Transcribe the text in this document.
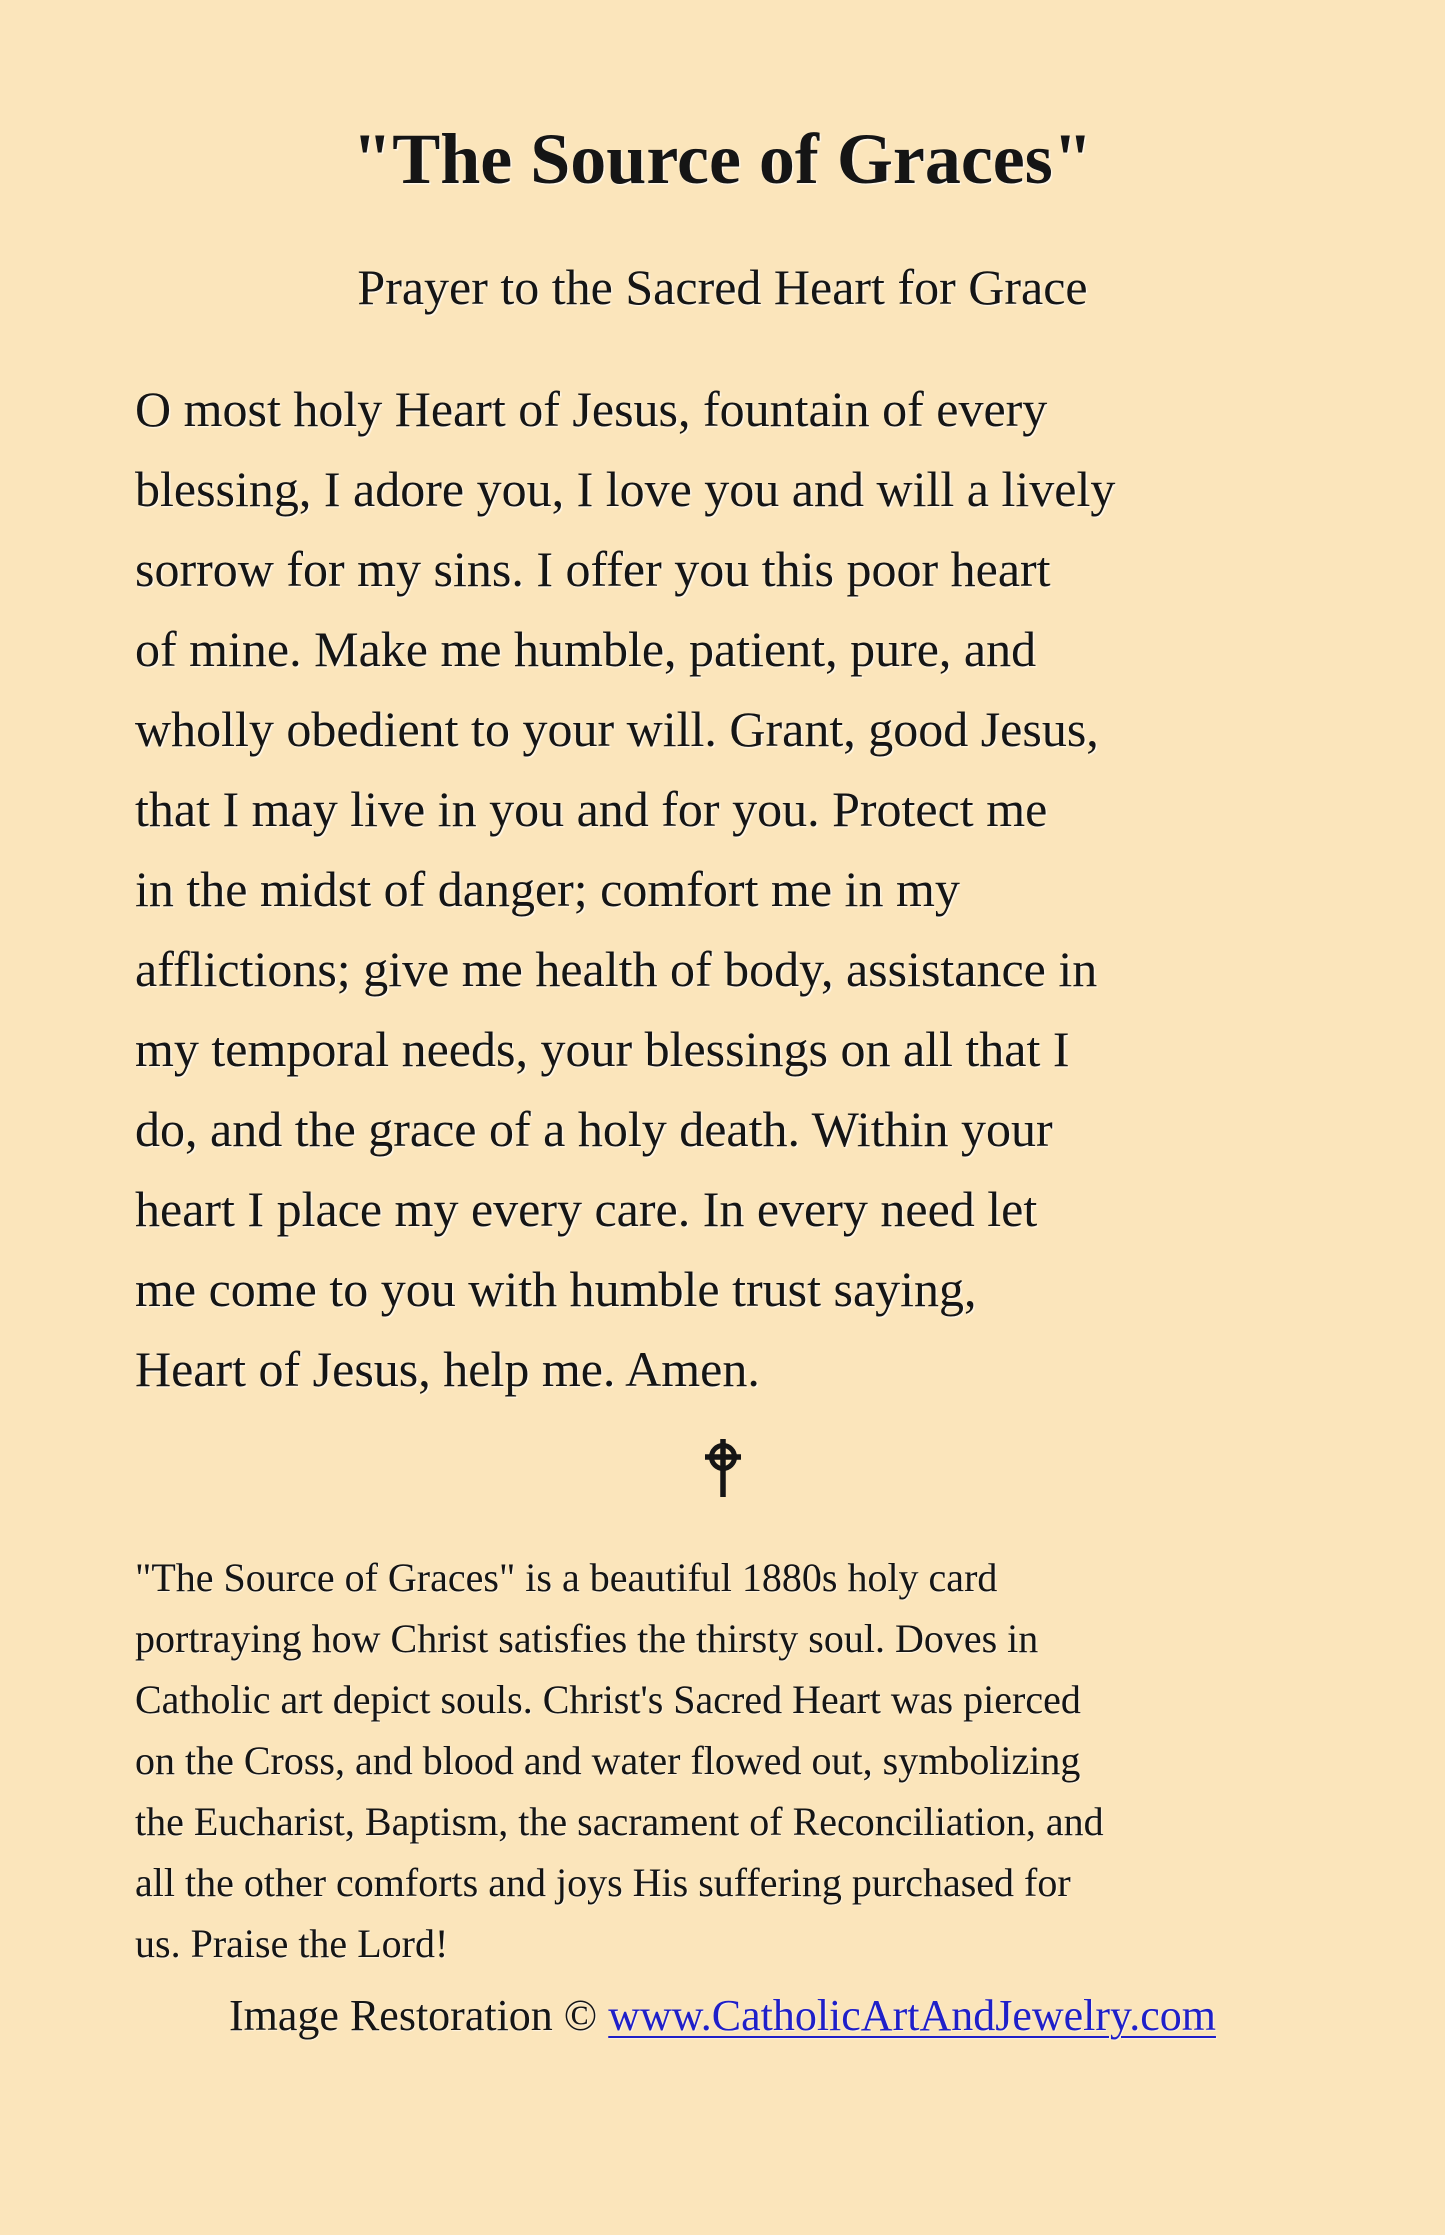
"The Source of Graces"
Prayer to the Sacred Heart for Grace
O most holy Heart of Jesus, fountain of every
blessing, I adore you, I love you and will a lively
sorrow for my sins. I offer you this poor heart
of mine. Make me humble, patient, pure, and
wholly obedient to your will. Grant, good Jesus,
that I may live in you and for you. Protect me
in the midst of danger; comfort me in my
afflictions; give me health of body, assistance in
my temporal needs, your blessings on all that I
do, and the grace of a holy death. Within your
heart I place my every care. In every need let
me come to you with humble trust saying,
Heart of Jesus, help me. Amen.
"The Source of Graces" is a beautiful 1880s holy card
portraying how Christ satisfies the thirsty soul. Doves in
Catholic art depict souls. Christ's Sacred Heart was pierced
on the Cross, and blood and water flowed out, symbolizing
the Eucharist, Baptism, the sacrament of Reconciliation, and
all the other comforts and joys His suffering purchased for
us. Praise the Lord!
Image Restoration © www.CatholicArtAndJewelry.com
